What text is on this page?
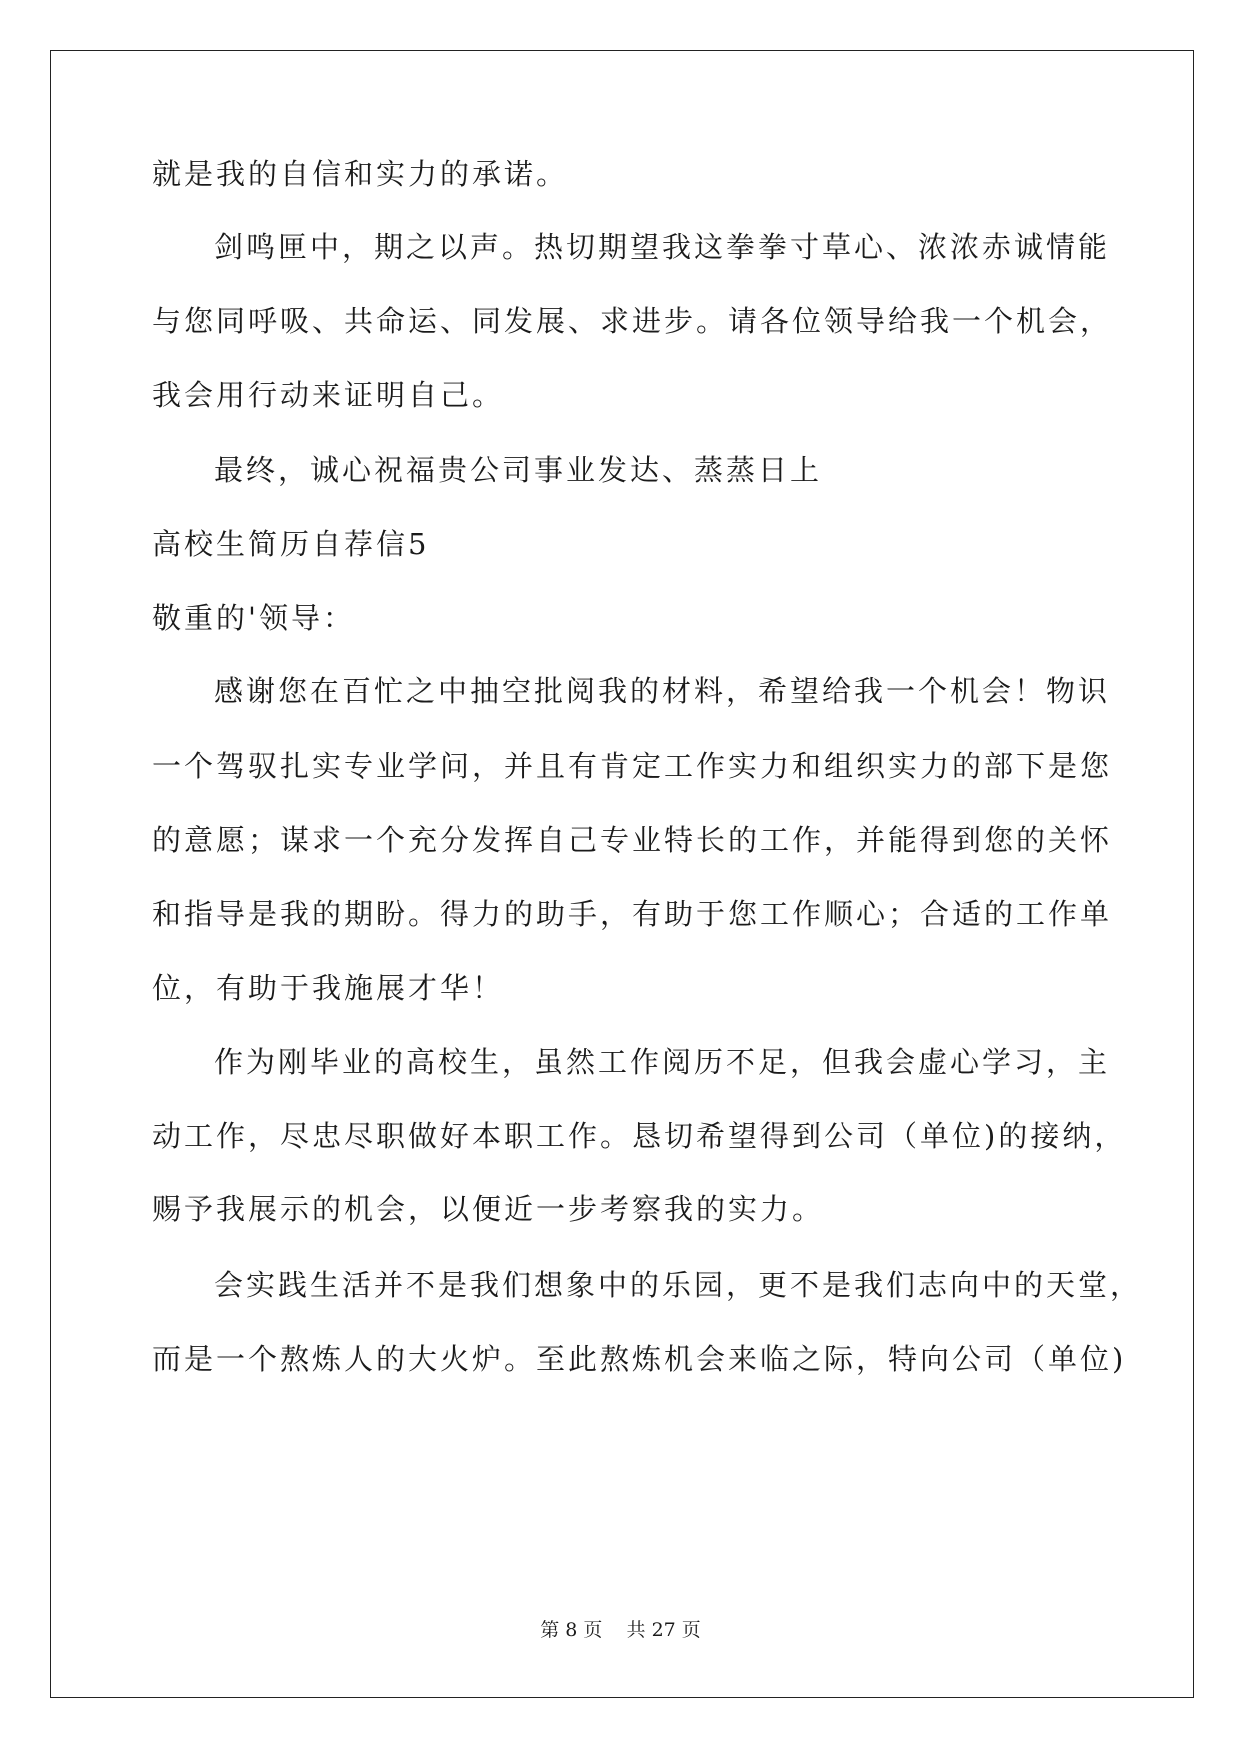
就是我的自信和实力的承诺。
剑鸣匣中，期之以声。热切期望我这拳拳寸草心、浓浓赤诚情能
与您同呼吸、共命运、同发展、求进步。请各位领导给我一个机会，
我会用行动来证明自己。
最终，诚心祝福贵公司事业发达、蒸蒸日上
高校生简历自荐信5
敬重的'领导：
感谢您在百忙之中抽空批阅我的材料，希望给我一个机会！物识
一个驾驭扎实专业学问，并且有肯定工作实力和组织实力的部下是您
的意愿；谋求一个充分发挥自己专业特长的工作，并能得到您的关怀
和指导是我的期盼。得力的助手，有助于您工作顺心；合适的工作单
位，有助于我施展才华！
作为刚毕业的高校生，虽然工作阅历不足，但我会虚心学习，主
动工作，尽忠尽职做好本职工作。恳切希望得到公司（单位)的接纳，
赐予我展示的机会，以便近一步考察我的实力。
会实践生活并不是我们想象中的乐园，更不是我们志向中的天堂，
而是一个熬炼人的大火炉。至此熬炼机会来临之际，特向公司（单位)
第 8 页    共 27 页
